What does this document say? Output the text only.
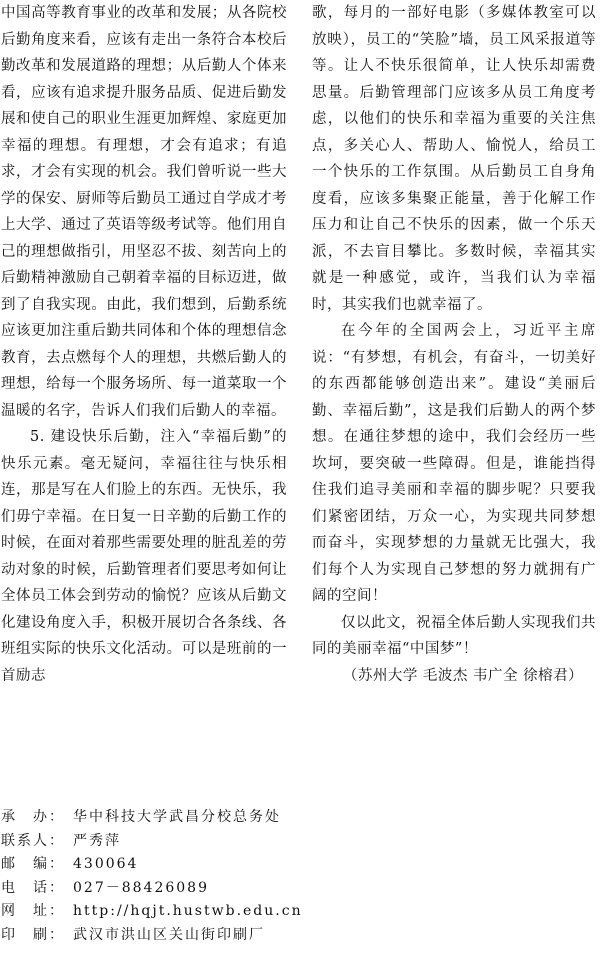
中国高等教育事业的改革和发展；从各院校后勤角度来看，应该有走出一条符合本校后勤改革和发展道路的理想；从后勤人个体来看，应该有追求提升服务品质、促进后勤发展和使自己的职业生涯更加辉煌、家庭更加幸福的理想。有理想，才会有追求；有追求，才会有实现的机会。我们曾听说一些大学的保安、厨师等后勤员工通过自学成才考上大学、通过了英语等级考试等。他们用自己的理想做指引，用坚忍不拔、刻苦向上的后勤精神激励自己朝着幸福的目标迈进，做到了自我实现。由此，我们想到，后勤系统应该更加注重后勤共同体和个体的理想信念教育，去点燃每个人的理想，共燃后勤人的理想，给每一个服务场所、每一道菜取一个温暖的名字，告诉人们我们后勤人的幸福。

5. 建设快乐后勤，注入“幸福后勤”的快乐元素。毫无疑问，幸福往往与快乐相连，那是写在人们脸上的东西。无快乐，我们毋宁幸福。在日复一日辛勤的后勤工作的时候，在面对着那些需要处理的脏乱差的劳动对象的时候，后勤管理者们要思考如何让全体员工体会到劳动的愉悦？应该从后勤文化建设角度入手，积极开展切合各条线、各班组实际的快乐文化活动。可以是班前的一首励志

歌，每月的一部好电影（多媒体教室可以放映），员工的“笑脸”墙，员工风采报道等等。让人不快乐很简单，让人快乐却需费思量。后勤管理部门应该多从员工角度考虑，以他们的快乐和幸福为重要的关注焦点，多关心人、帮助人、愉悦人，给员工一个快乐的工作氛围。从后勤员工自身角度看，应该多集聚正能量，善于化解工作压力和让自己不快乐的因素，做一个乐天派，不去盲目攀比。多数时候，幸福其实就是一种感觉，或许，当我们认为幸福时，其实我们也就幸福了。

在今年的全国两会上，习近平主席说：“有梦想，有机会，有奋斗，一切美好的东西都能够创造出来”。建设“美丽后勤、幸福后勤”，这是我们后勤人的两个梦想。在通往梦想的途中，我们会经历一些坎坷，要突破一些障碍。但是，谁能挡得住我们追寻美丽和幸福的脚步呢？只要我们紧密团结，万众一心，为实现共同梦想而奋斗，实现梦想的力量就无比强大，我们每个人为实现自己梦想的努力就拥有广阔的空间！

仅以此文，祝福全体后勤人实现我们共同的美丽幸福“中国梦”！

（苏州大学 毛波杰 韦广全 徐榕君）

承　办： 华中科技大学武昌分校总务处
联系人： 严秀萍
邮　编： 430064
电　话： 027－88426089
网　址： http://hqjt.hustwb.edu.cn
印　刷： 武汉市洪山区关山街印刷厂
